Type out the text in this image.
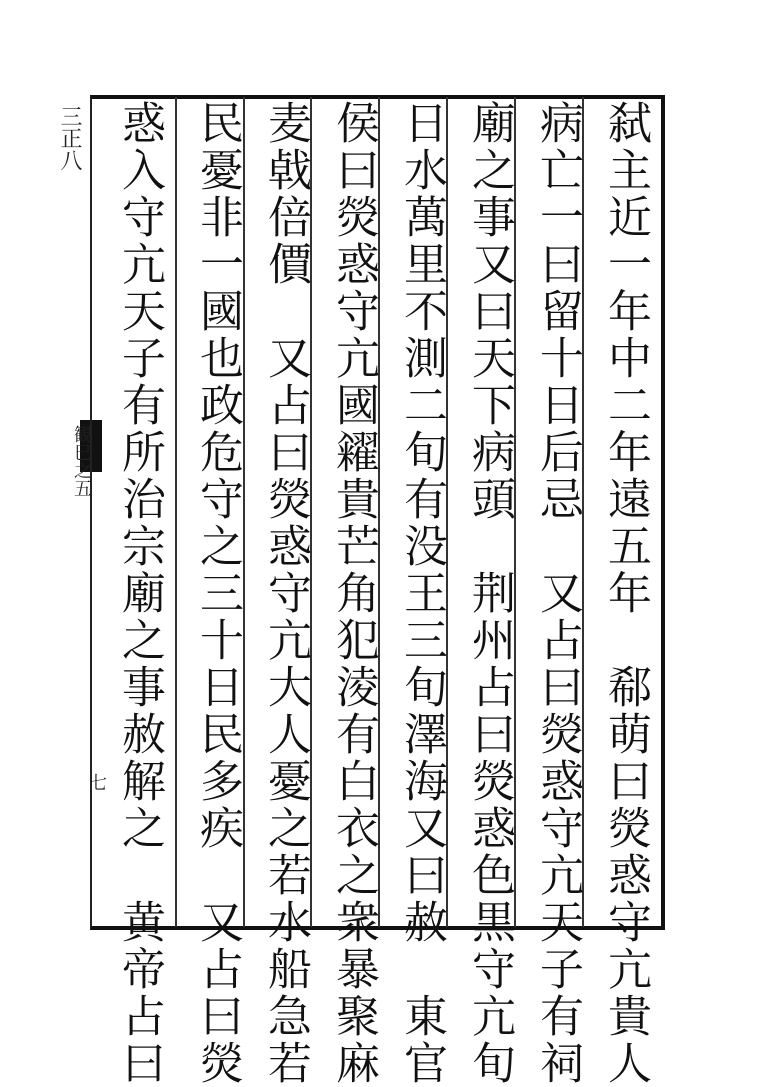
三正八
観巳之五	弑主近一年中二年遠五年　郗萌曰熒惑守亢貴人
病亡一曰留十日后忌　又占曰熒惑守亢天子有祠
廟之事又曰天下病頭　荆州占曰熒惑色黒守亢旬
日水萬里不測二旬有没王三旬澤海又曰赦　東官
侯曰熒惑守亢國糴貴芒角犯淩有白衣之衆暴聚麻
麦㦸倍價　又占曰熒惑守亢大人憂之若水船急若
民憂非一國也政危守之三十日民多疾　又占曰熒
惑入守亢天子有所治宗廟之事赦解之　黄帝占曰
七
